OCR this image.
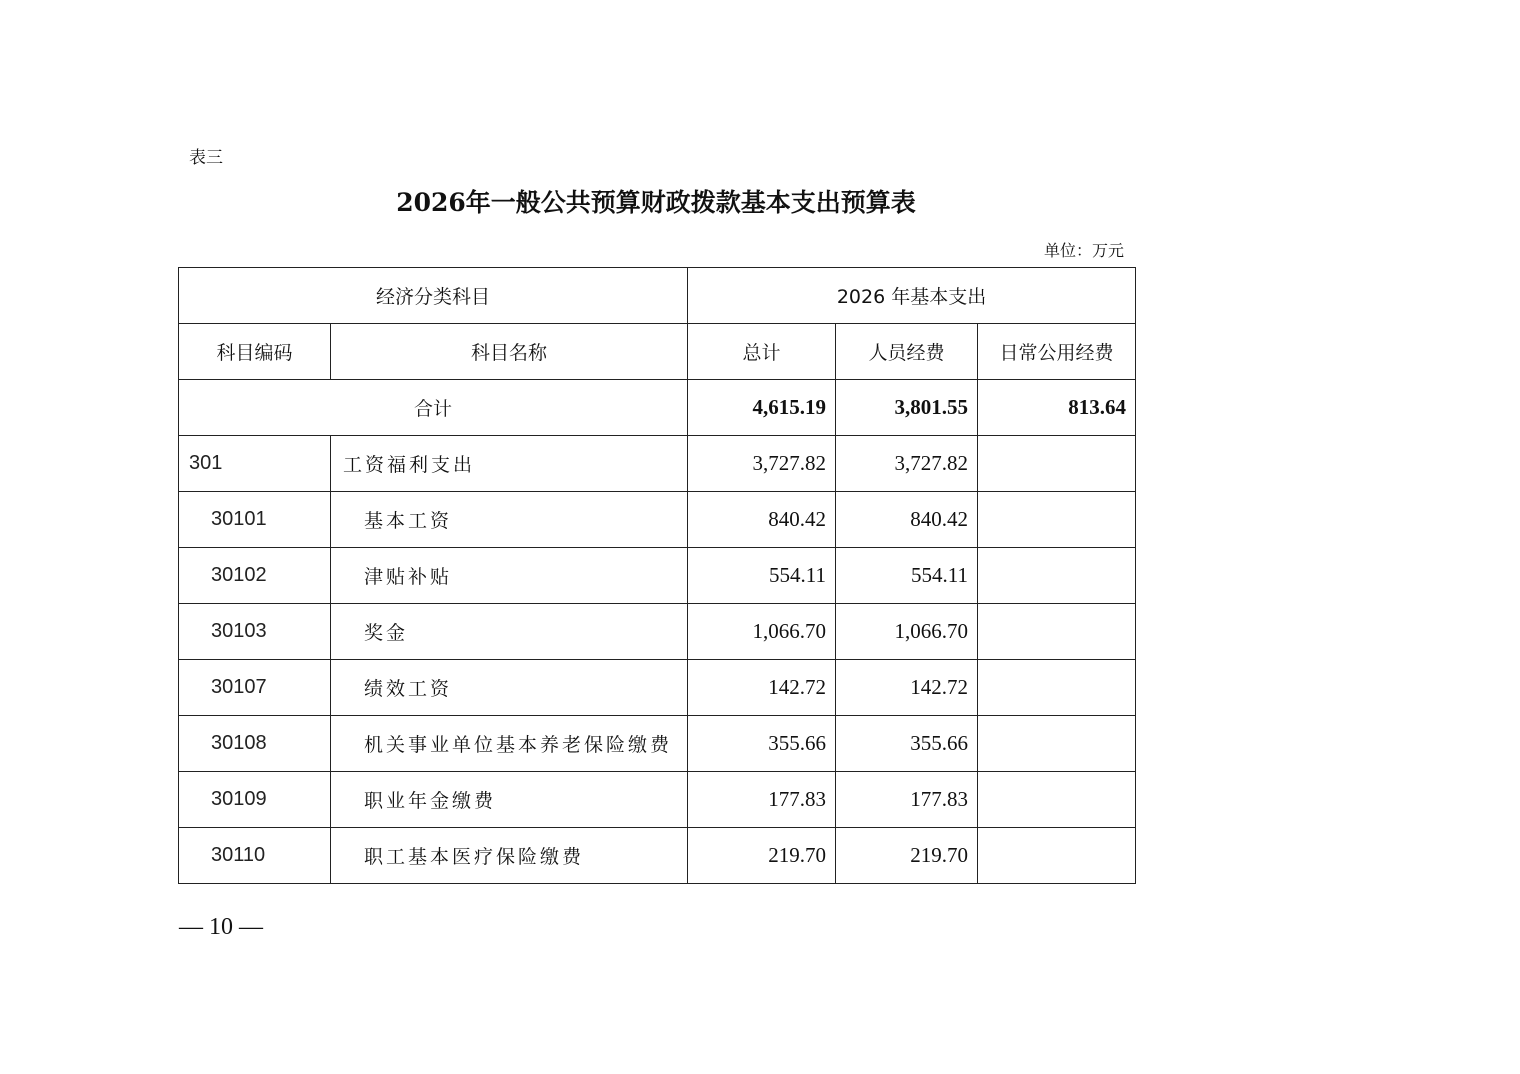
表三
2026年一般公共预算财政拨款基本支出预算表
单位：万元
经济分类科目		2026 年基本支出		
科目编码	科目名称	总计	人员经费	日常公用经费
合计		4,615.19	3,801.55	813.64
301	工资福利支出	3,727.82	3,727.82	
30101	基本工资	840.42	840.42	
30102	津贴补贴	554.11	554.11	
30103	奖金	1,066.70	1,066.70	
30107	绩效工资	142.72	142.72	
30108	机关事业单位基本养老保险缴费	355.66	355.66	
30109	职业年金缴费	177.83	177.83	
30110	职工基本医疗保险缴费	219.70	219.70	
— 10 —
